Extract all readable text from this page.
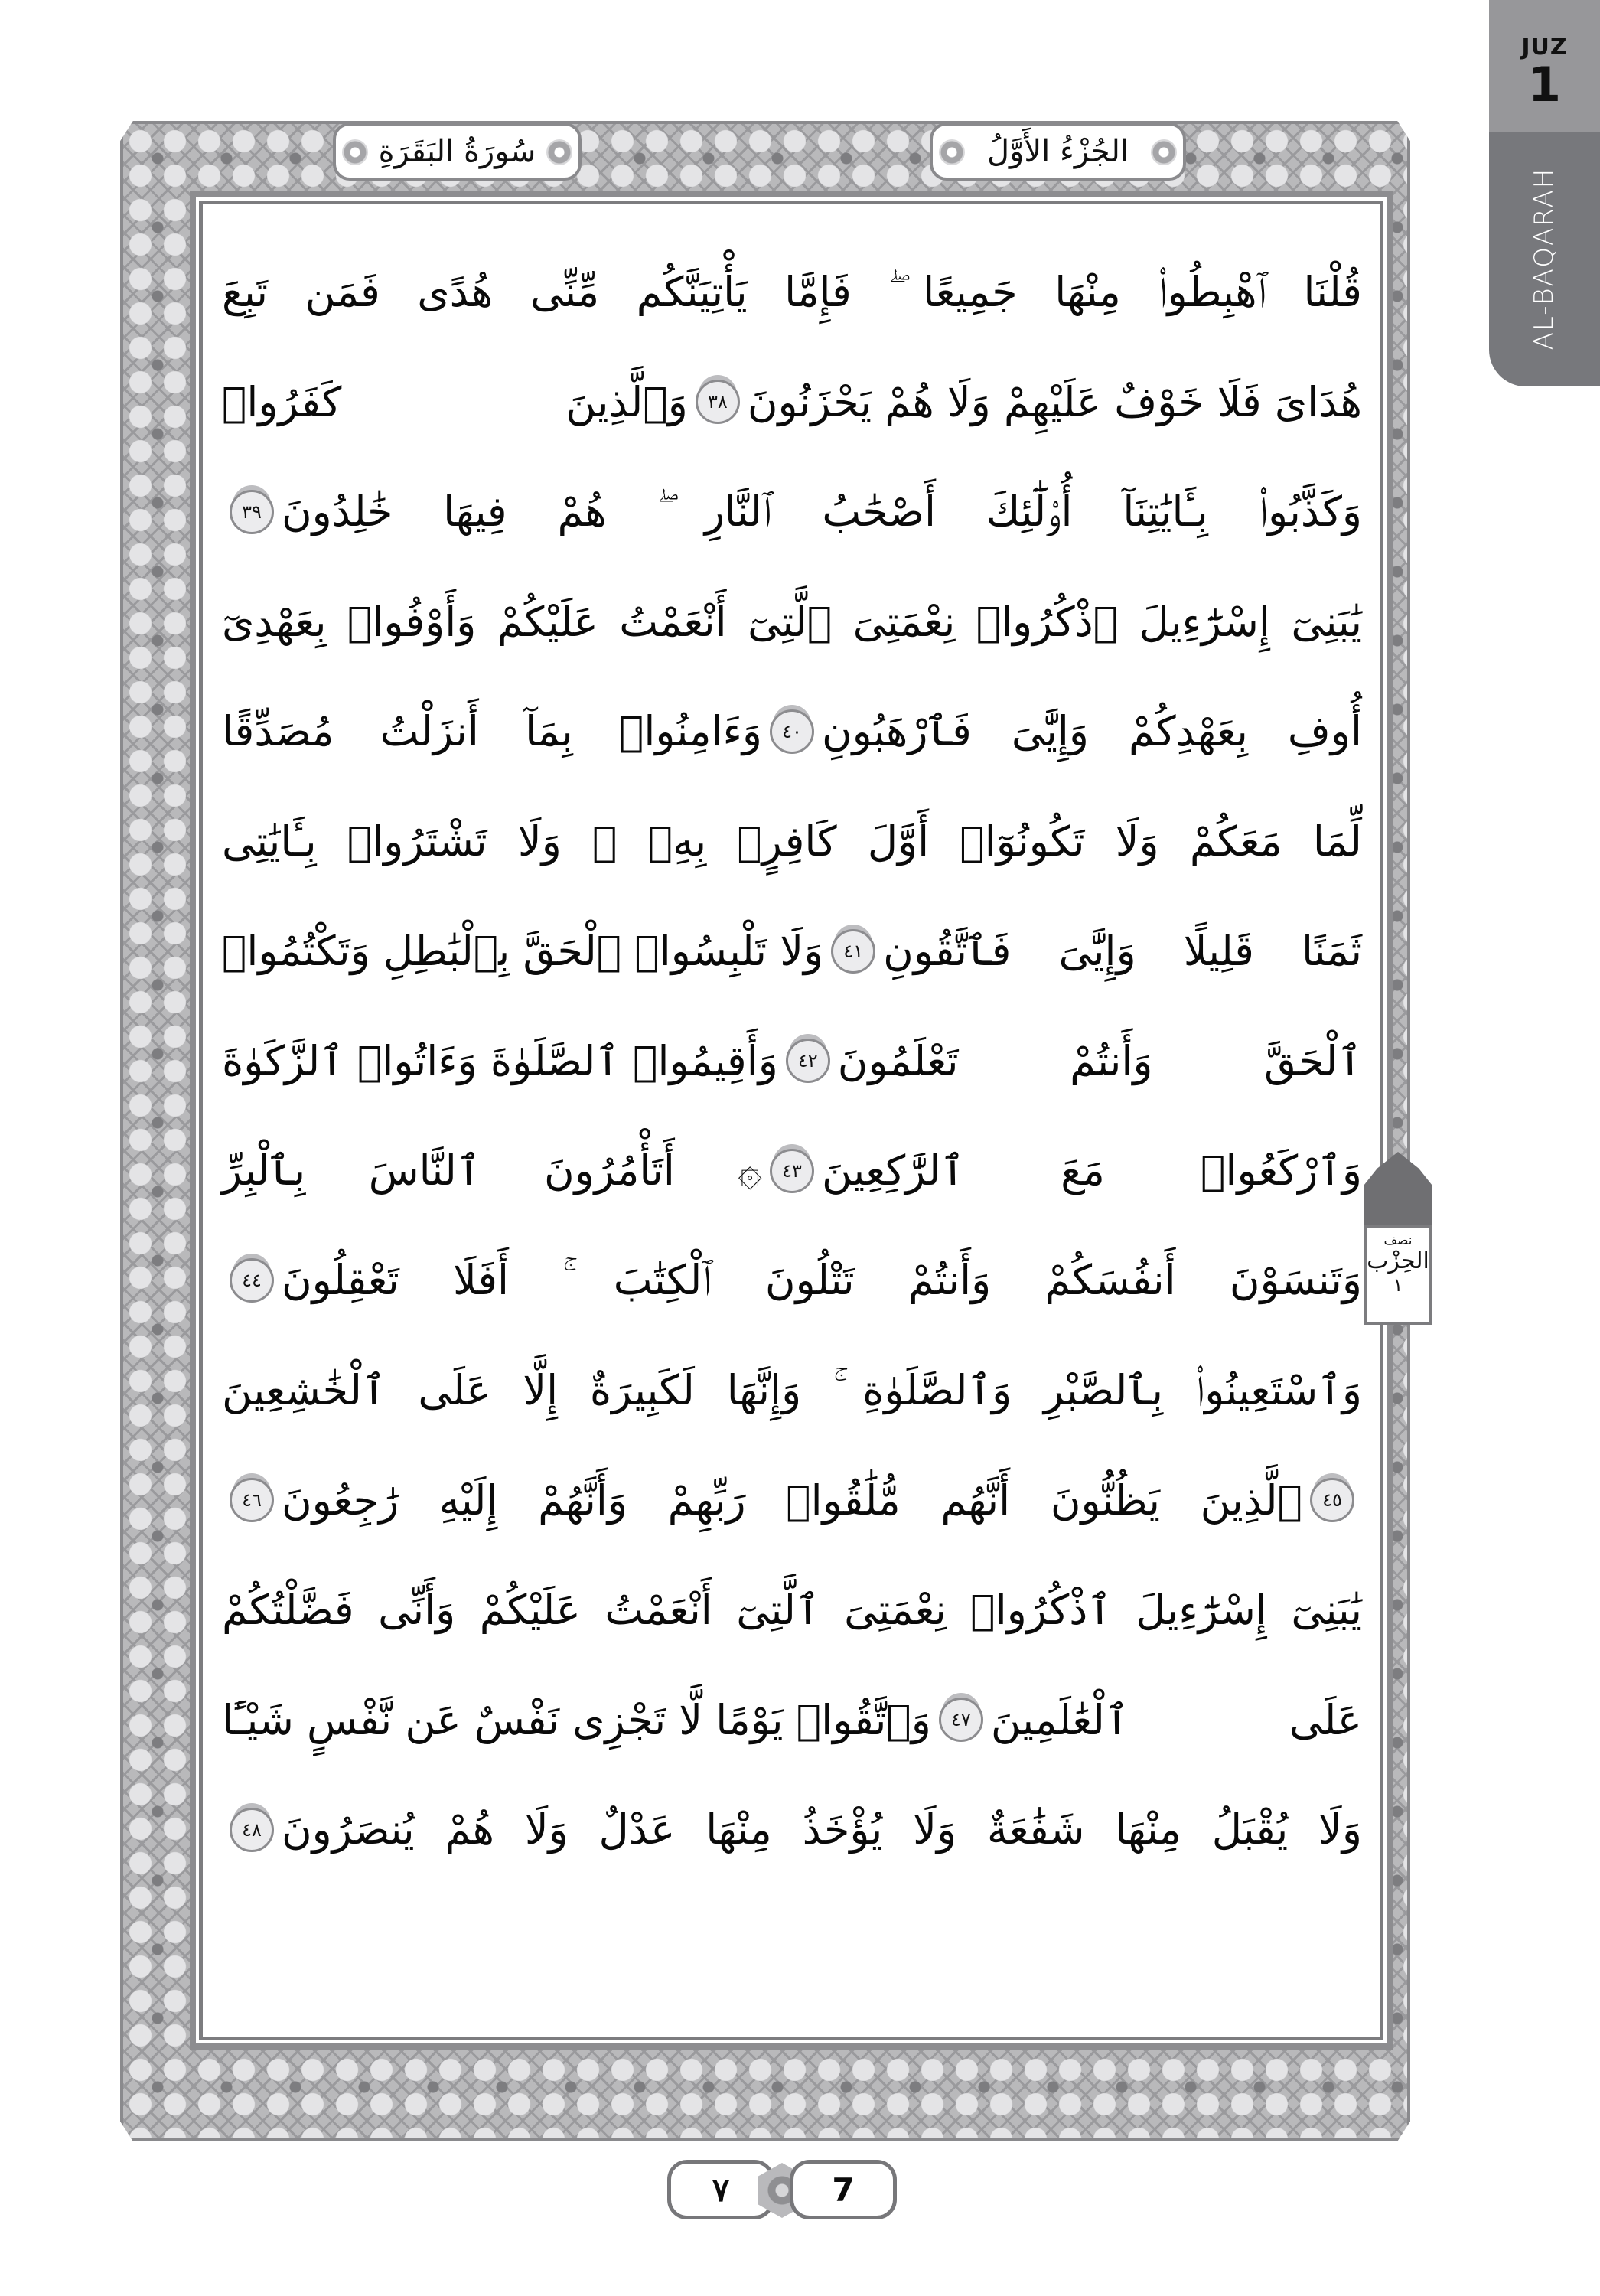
JUZ
1
AL-BAQARAH
سُورَةُ البَقَرَةِ	الجُزْءُ الأَوَّلُ
قُلْنَا ٱهْبِطُوا۟ مِنْهَا جَمِيعًا ۖ فَإِمَّا يَأْتِيَنَّكُم مِّنِّى هُدًى فَمَن تَبِعَ
هُدَاىَ فَلَا خَوْفٌ عَلَيْهِمْ وَلَا هُمْ يَحْزَنُونَ
٣٨
وَٱلَّذِينَ كَفَرُوا۟
وَكَذَّبُوا۟ بِـَٔايَٰتِنَآ أُو۟لَٰٓئِكَ أَصْحَٰبُ ٱلنَّارِ ۖ هُمْ فِيهَا خَٰلِدُونَ
٣٩
يَٰبَنِىٓ إِسْرَٰٓءِيلَ ٱذْكُرُوا۟ نِعْمَتِىَ ٱلَّتِىٓ أَنْعَمْتُ عَلَيْكُمْ وَأَوْفُوا۟ بِعَهْدِىٓ
أُوفِ بِعَهْدِكُمْ وَإِيَّٰىَ فَٱرْهَبُونِ
٤٠
وَءَامِنُوا۟ بِمَآ أَنزَلْتُ مُصَدِّقًا
لِّمَا مَعَكُمْ وَلَا تَكُونُوٓا۟ أَوَّلَ كَافِرٍۭ بِهِۦ ۖ وَلَا تَشْتَرُوا۟ بِـَٔايَٰتِى
ثَمَنًا قَلِيلًا وَإِيَّٰىَ فَٱتَّقُونِ
٤١
وَلَا تَلْبِسُوا۟ ٱلْحَقَّ بِٱلْبَٰطِلِ وَتَكْتُمُوا۟
ٱلْحَقَّ وَأَنتُمْ تَعْلَمُونَ
٤٢
وَأَقِيمُوا۟ ٱلصَّلَوٰةَ وَءَاتُوا۟ ٱلزَّكَوٰةَ
وَٱرْكَعُوا۟ مَعَ ٱلرَّٰكِعِينَ
٤٣
۞ أَتَأْمُرُونَ ٱلنَّاسَ بِٱلْبِرِّ
وَتَنسَوْنَ أَنفُسَكُمْ وَأَنتُمْ تَتْلُونَ ٱلْكِتَٰبَ ۚ أَفَلَا تَعْقِلُونَ
٤٤
وَٱسْتَعِينُوا۟ بِٱلصَّبْرِ وَٱلصَّلَوٰةِ ۚ وَإِنَّهَا لَكَبِيرَةٌ إِلَّا عَلَى ٱلْخَٰشِعِينَ
٤٥
ٱلَّذِينَ يَظُنُّونَ أَنَّهُم مُّلَٰقُوا۟ رَبِّهِمْ وَأَنَّهُمْ إِلَيْهِ رَٰجِعُونَ
٤٦
يَٰبَنِىٓ إِسْرَٰٓءِيلَ ٱذْكُرُوا۟ نِعْمَتِىَ ٱلَّتِىٓ أَنْعَمْتُ عَلَيْكُمْ وَأَنِّى فَضَّلْتُكُمْ
عَلَى ٱلْعَٰلَمِينَ
٤٧
وَٱتَّقُوا۟ يَوْمًا لَّا تَجْزِى نَفْسٌ عَن نَّفْسٍ شَيْـًٔا
وَلَا يُقْبَلُ مِنْهَا شَفَٰعَةٌ وَلَا يُؤْخَذُ مِنْهَا عَدْلٌ وَلَا هُمْ يُنصَرُونَ
٤٨
نصف
الحِزْب
١
٧	7
